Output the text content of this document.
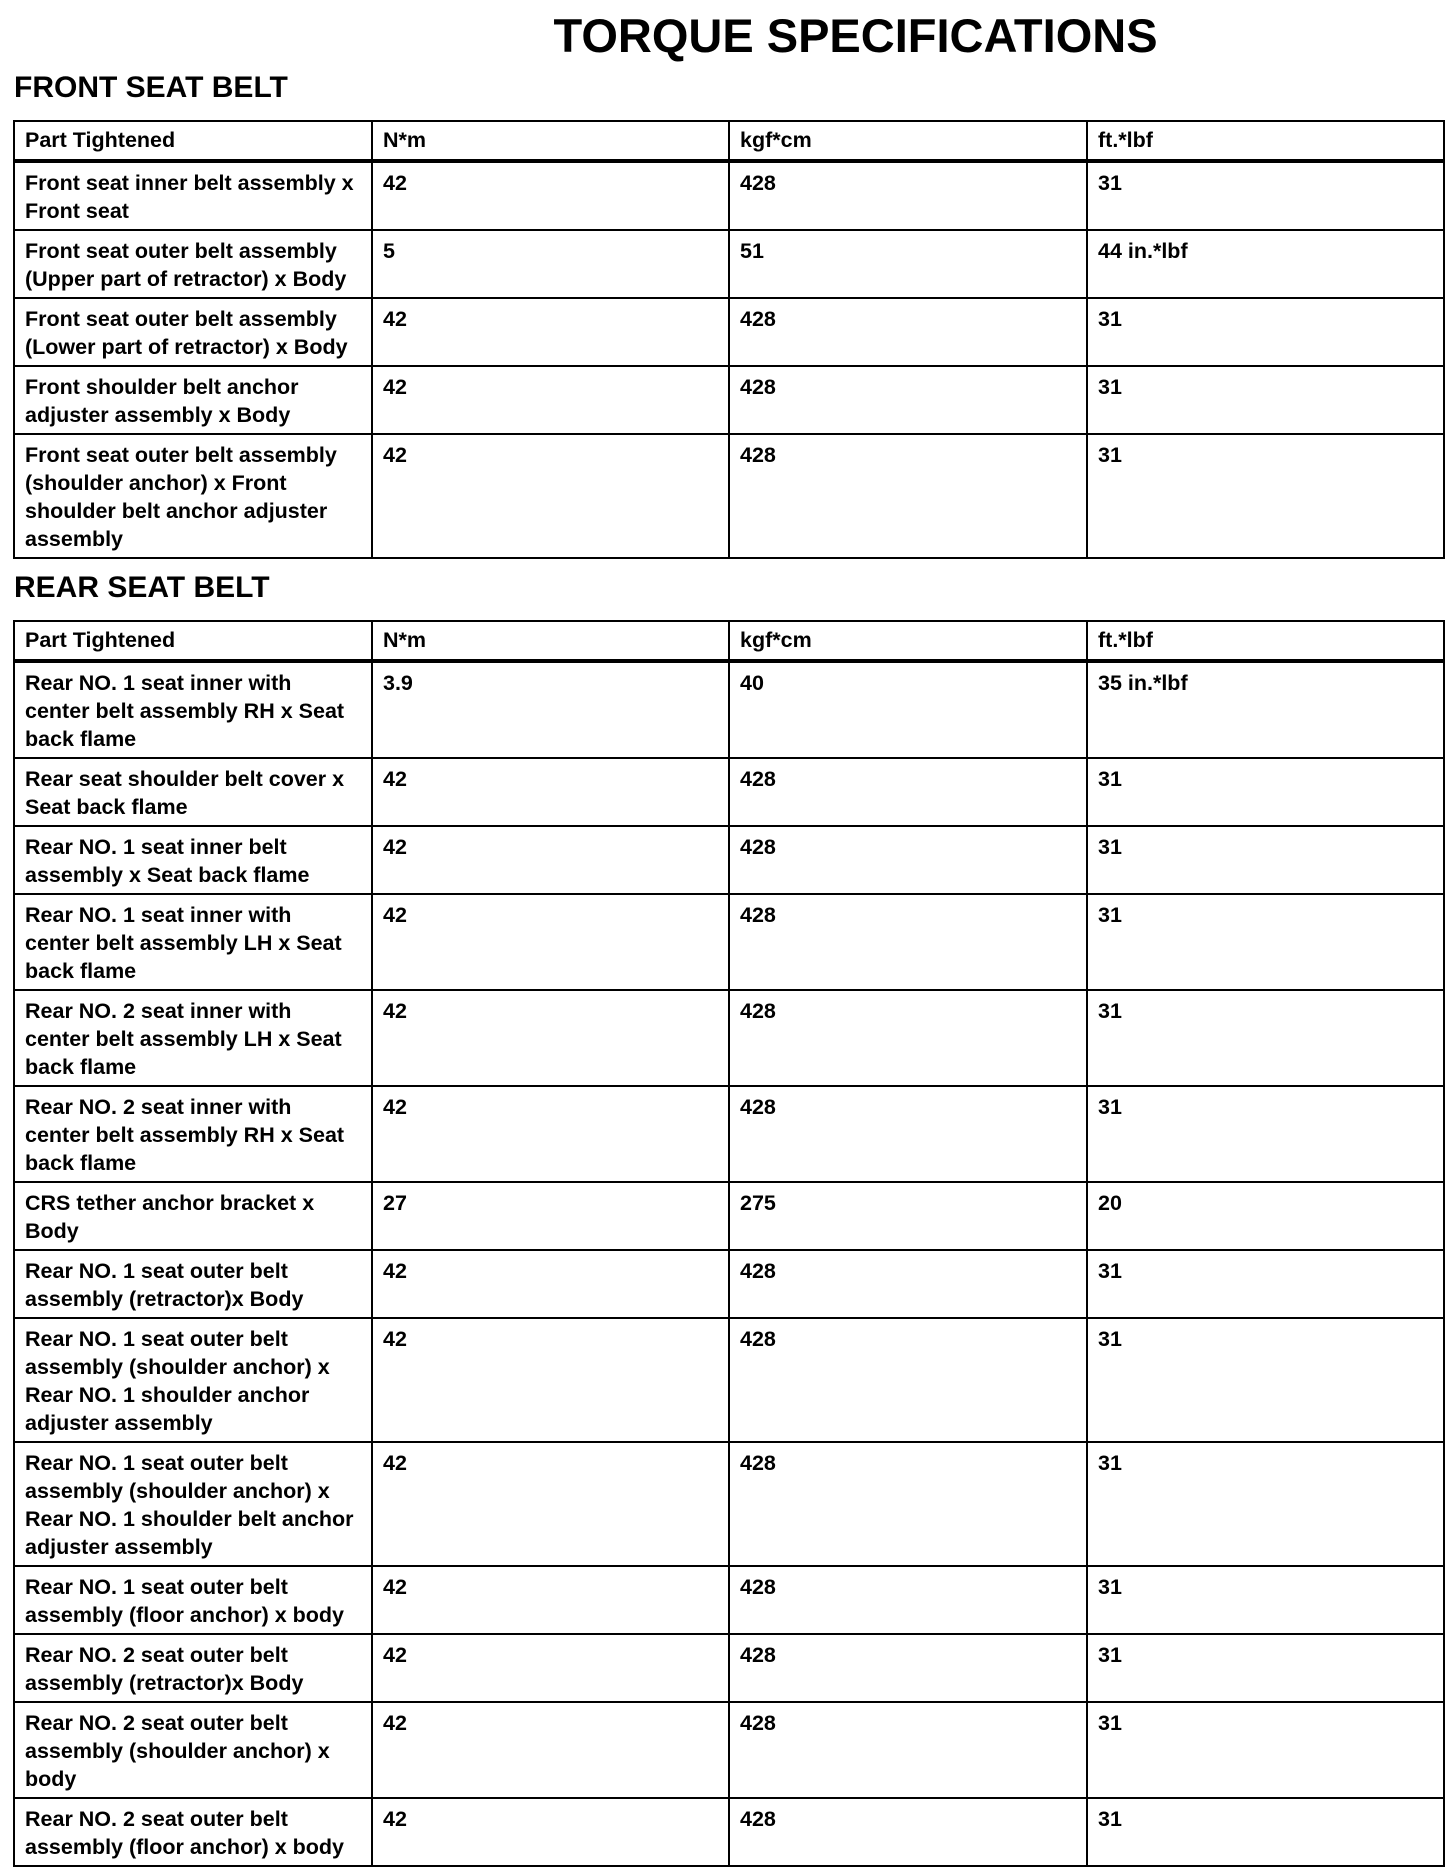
TORQUE SPECIFICATIONS
FRONT SEAT BELT
Part Tightened	N*m	kgf*cm	ft.*lbf
Front seat inner belt assembly x Front seat	42	428	31
Front seat outer belt assembly (Upper part of retractor) x Body	5	51	44 in.*lbf
Front seat outer belt assembly (Lower part of retractor) x Body	42	428	31
Front shoulder belt anchor adjuster assembly x Body	42	428	31
Front seat outer belt assembly (shoulder anchor) x Front shoulder belt anchor adjuster assembly	42	428	31
REAR SEAT BELT
Part Tightened	N*m	kgf*cm	ft.*lbf
Rear NO. 1 seat inner with center belt assembly RH x Seat back flame	3.9	40	35 in.*lbf
Rear seat shoulder belt cover x Seat back flame	42	428	31
Rear NO. 1 seat inner belt assembly x Seat back flame	42	428	31
Rear NO. 1 seat inner with center belt assembly LH x Seat back flame	42	428	31
Rear NO. 2 seat inner with center belt assembly LH x Seat back flame	42	428	31
Rear NO. 2 seat inner with center belt assembly RH x Seat back flame	42	428	31
CRS tether anchor bracket x Body	27	275	20
Rear NO. 1 seat outer belt assembly (retractor)x Body	42	428	31
Rear NO. 1 seat outer belt assembly (shoulder anchor) x Rear NO. 1 shoulder anchor adjuster assembly	42	428	31
Rear NO. 1 seat outer belt assembly (shoulder anchor) x Rear NO. 1 shoulder belt anchor adjuster assembly	42	428	31
Rear NO. 1 seat outer belt assembly (floor anchor) x body	42	428	31
Rear NO. 2 seat outer belt assembly (retractor)x Body	42	428	31
Rear NO. 2 seat outer belt assembly (shoulder anchor) x body	42	428	31
Rear NO. 2 seat outer belt assembly (floor anchor) x body	42	428	31
